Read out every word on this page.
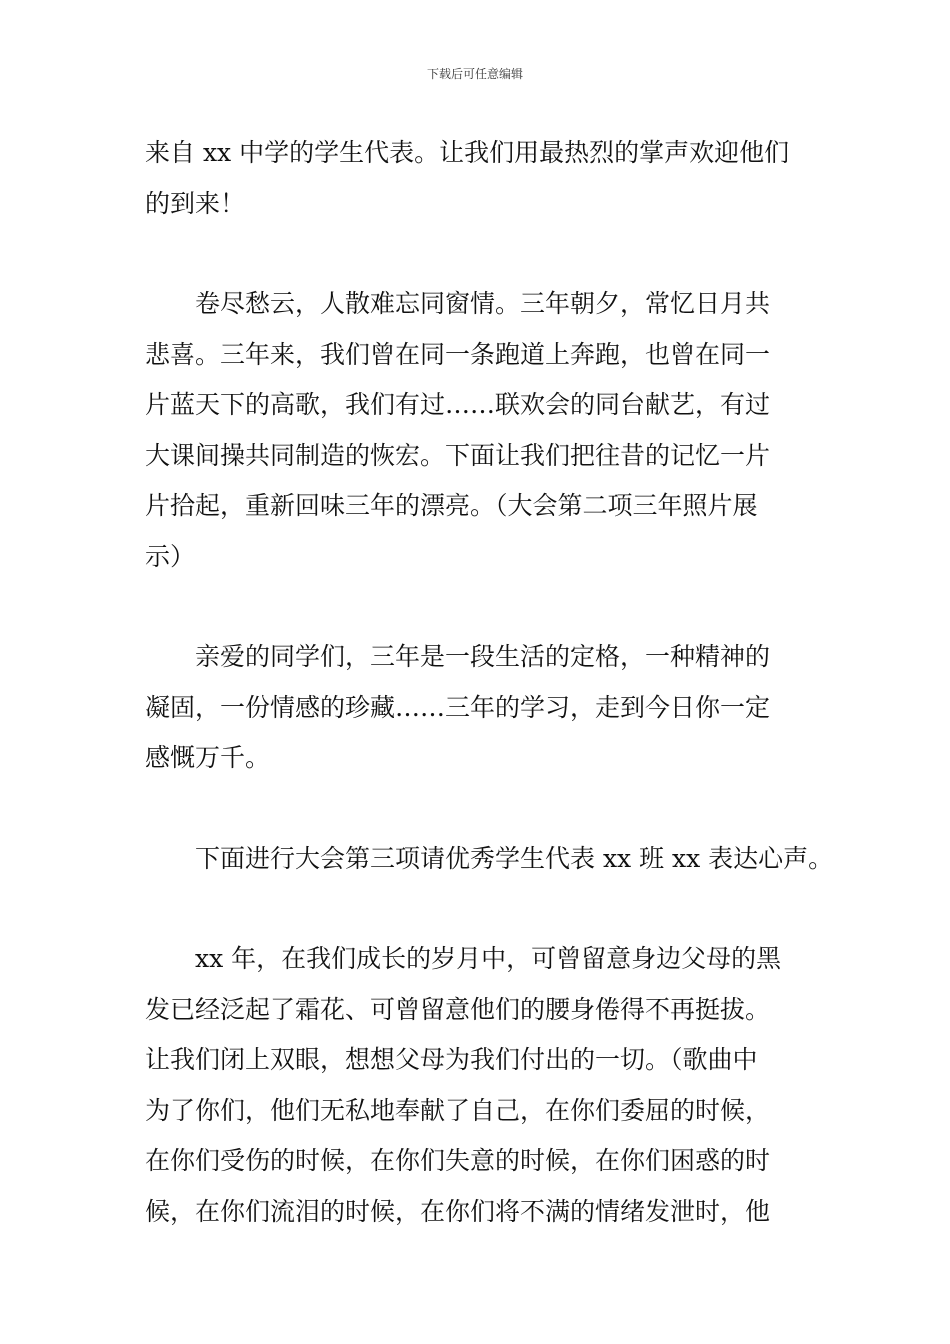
下载后可任意编辑
来自 xx 中学的学生代表。让我们用最热烈的掌声欢迎他们
的到来！
　　卷尽愁云，人散难忘同窗情。三年朝夕，常忆日月共
悲喜。三年来，我们曾在同一条跑道上奔跑，也曾在同一
片蓝天下的高歌，我们有过……联欢会的同台献艺，有过
大课间操共同制造的恢宏。下面让我们把往昔的记忆一片
片拾起，重新回味三年的漂亮。（大会第二项三年照片展
示）
　　亲爱的同学们，三年是一段生活的定格，一种精神的
凝固，一份情感的珍藏……三年的学习，走到今日你一定
感慨万千。
　　下面进行大会第三项请优秀学生代表 xx 班 xx 表达心声。
　　xx 年，在我们成长的岁月中，可曾留意身边父母的黑
发已经泛起了霜花、可曾留意他们的腰身倦得不再挺拔。
让我们闭上双眼，想想父母为我们付出的一切。（歌曲中
为了你们，他们无私地奉献了自己，在你们委屈的时候，
在你们受伤的时候，在你们失意的时候，在你们困惑的时
候，在你们流泪的时候，在你们将不满的情绪发泄时，他
